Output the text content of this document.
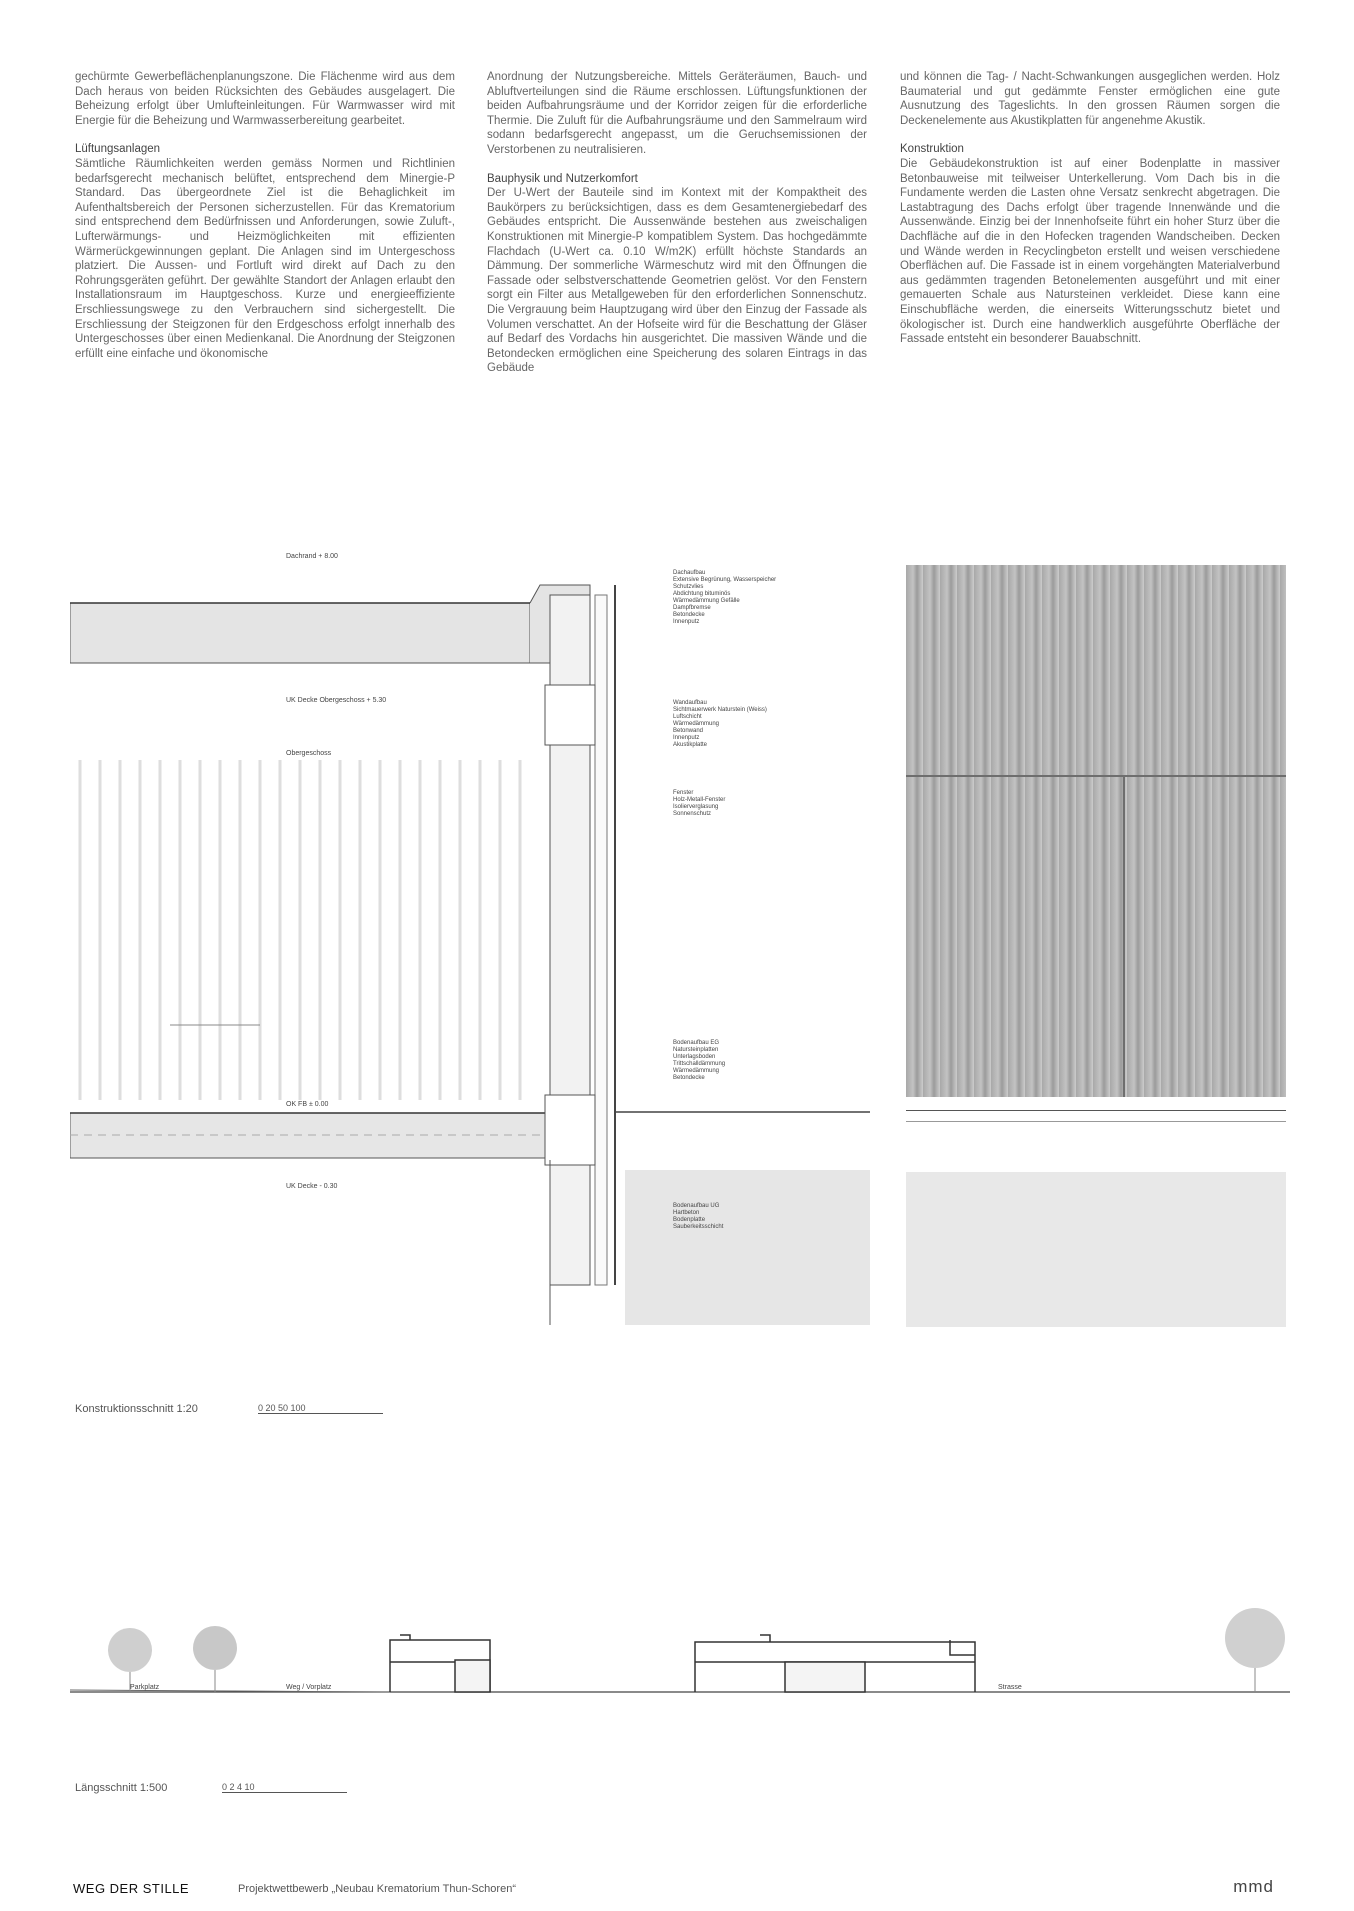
gechürmte Gewerbeflächenplanungszone. Die Flächenme wird aus dem Dach heraus von beiden Rücksichten des Gebäudes ausgelagert. Die Beheizung erfolgt über Umlufteinleitungen. Für Warmwasser wird mit Energie für die Beheizung und Warmwasserbereitung gearbeitet.

Lüftungsanlagen
Sämtliche Räumlichkeiten werden gemäss Normen und Richtlinien bedarfsgerecht mechanisch belüftet, entsprechend dem Minergie-P Standard. Das übergeordnete Ziel ist die Behaglichkeit im Aufenthaltsbereich der Personen sicherzustellen. Für das Krematorium sind entsprechend dem Bedürfnissen und Anforderungen, sowie Zuluft-, Lufterwärmungs- und Heizmöglichkeiten mit effizienten Wärmerückgewinnungen geplant. Die Anlagen sind im Untergeschoss platziert. Die Aussen- und Fortluft wird direkt auf Dach zu den Rohrungsgeräten geführt. Der gewählte Standort der Anlagen erlaubt den Installationsraum im Hauptgeschoss. Kurze und energieeffiziente Erschliessungswege zu den Verbrauchern sind sichergestellt. Die Erschliessung der Steigzonen für den Erdgeschoss erfolgt innerhalb des Untergeschosses über einen Medienkanal. Die Anordnung der Steigzonen erfüllt eine einfache und ökonomische

Anordnung der Nutzungsbereiche. Mittels Geräteräumen, Bauch- und Abluftverteilungen sind die Räume erschlossen. Lüftungsfunktionen der beiden Aufbahrungsräume und der Korridor zeigen für die erforderliche Thermie. Die Zuluft für die Aufbahrungsräume und den Sammelraum wird sodann bedarfsgerecht angepasst, um die Geruchsemissionen der Verstorbenen zu neutralisieren.

Bauphysik und Nutzerkomfort
Der U-Wert der Bauteile sind im Kontext mit der Kompaktheit des Baukörpers zu berücksichtigen, dass es dem Gesamtenergiebedarf des Gebäudes entspricht. Die Aussenwände bestehen aus zweischaligen Konstruktionen mit Minergie-P kompatiblem System. Das hochgedämmte Flachdach (U-Wert ca. 0.10 W/m2K) erfüllt höchste Standards an Dämmung. Der sommerliche Wärmeschutz wird mit den Öffnungen die Fassade oder selbstverschattende Geometrien gelöst. Vor den Fenstern sorgt ein Filter aus Metallgeweben für den erforderlichen Sonnenschutz. Die Vergrauung beim Hauptzugang wird über den Einzug der Fassade als Volumen verschattet. An der Hofseite wird für die Beschattung der Gläser auf Bedarf des Vordachs hin ausgerichtet. Die massiven Wände und die Betondecken ermöglichen eine Speicherung des solaren Eintrags in das Gebäude

und können die Tag- / Nacht-Schwankungen ausgeglichen werden. Holz Baumaterial und gut gedämmte Fenster ermöglichen eine gute Ausnutzung des Tageslichts. In den grossen Räumen sorgen die Deckenelemente aus Akustikplatten für angenehme Akustik.

Konstruktion
Die Gebäudekonstruktion ist auf einer Bodenplatte in massiver Betonbauweise mit teilweiser Unterkellerung. Vom Dach bis in die Fundamente werden die Lasten ohne Versatz senkrecht abgetragen. Die Lastabtragung des Dachs erfolgt über tragende Innenwände und die Aussenwände. Einzig bei der Innenhofseite führt ein hoher Sturz über die Dachfläche auf die in den Hofecken tragenden Wandscheiben. Decken und Wände werden in Recyclingbeton erstellt und weisen verschiedene Oberflächen auf. Die Fassade ist in einem vorgehängten Materialverbund aus gedämmten tragenden Betonelementen ausgeführt und mit einer gemauerten Schale aus Natursteinen verkleidet. Diese kann eine Einschubfläche werden, die einerseits Witterungsschutz bietet und ökologischer ist. Durch eine handwerklich ausgeführte Oberfläche der Fassade entsteht ein besonderer Bauabschnitt.

Dachrand + 8.00
UK Decke Obergeschoss + 5.30
Obergeschoss
OK FB ± 0.00
UK Decke - 0.30
Dachaufbau
Extensive Begrünung, Wasserspeicher
Schutzvlies
Abdichtung bituminös
Wärmedämmung Gefälle
Dampfbremse
Betondecke
Innenputz
Wandaufbau
Sichtmauerwerk Naturstein (Weiss)
Luftschicht
Wärmedämmung
Betonwand
Innenputz
Akustikplatte
Fenster
Holz-Metall-Fenster
Isolierverglasung
Sonnenschutz
Bodenaufbau EG
Natursteinplatten
Unterlagsboden
Trittschalldämmung
Wärmedämmung
Betondecke
Bodenaufbau UG
Hartbeton
Bodenplatte
Sauberkeitsschicht
Konstruktionsschnitt 1:20	0 20 50 100
Parkplatz	Weg / Vorplatz	Strasse
Längsschnitt 1:500	0 2 4 10
WEG DER STILLE	Projektwettbewerb „Neubau Krematorium Thun-Schoren“	mmd
